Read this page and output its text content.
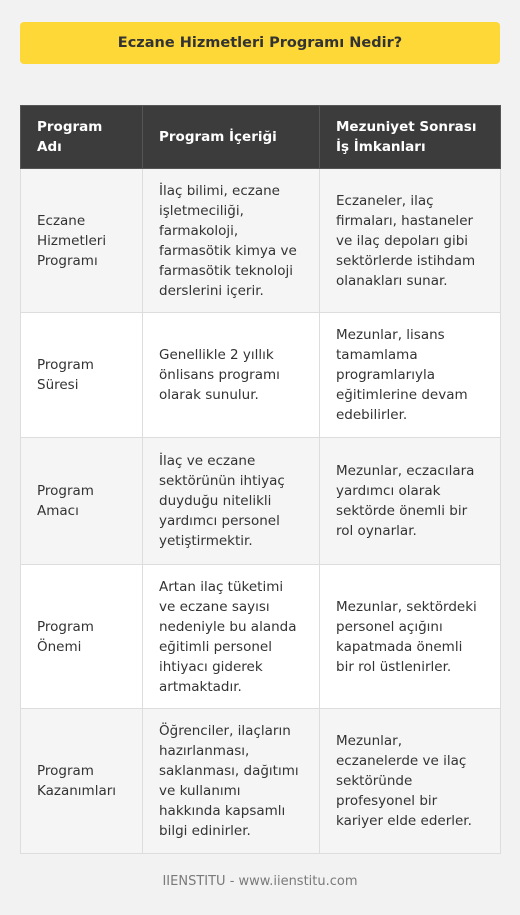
Eczane Hizmetleri Programı Nedir?
Program Adı	Program İçeriği	Mezuniyet Sonrası İş İmkanları
Eczane Hizmetleri Programı	İlaç bilimi, eczane işletmeciliği, farmakoloji, farmasötik kimya ve farmasötik teknoloji derslerini içerir.	Eczaneler, ilaç firmaları, hastaneler ve ilaç depoları gibi sektörlerde istihdam olanakları sunar.
Program Süresi	Genellikle 2 yıllık önlisans programı olarak sunulur.	Mezunlar, lisans tamamlama programlarıyla eğitimlerine devam edebilirler.
Program Amacı	İlaç ve eczane sektörünün ihtiyaç duyduğu nitelikli yardımcı personel yetiştirmektir.	Mezunlar, eczacılara yardımcı olarak sektörde önemli bir rol oynarlar.
Program Önemi	Artan ilaç tüketimi ve eczane sayısı nedeniyle bu alanda eğitimli personel ihtiyacı giderek artmaktadır.	Mezunlar, sektördeki personel açığını kapatmada önemli bir rol üstlenirler.
Program Kazanımları	Öğrenciler, ilaçların hazırlanması, saklanması, dağıtımı ve kullanımı hakkında kapsamlı bilgi edinirler.	Mezunlar, eczanelerde ve ilaç sektöründe profesyonel bir kariyer elde ederler.
IIENSTITU - www.iienstitu.com
